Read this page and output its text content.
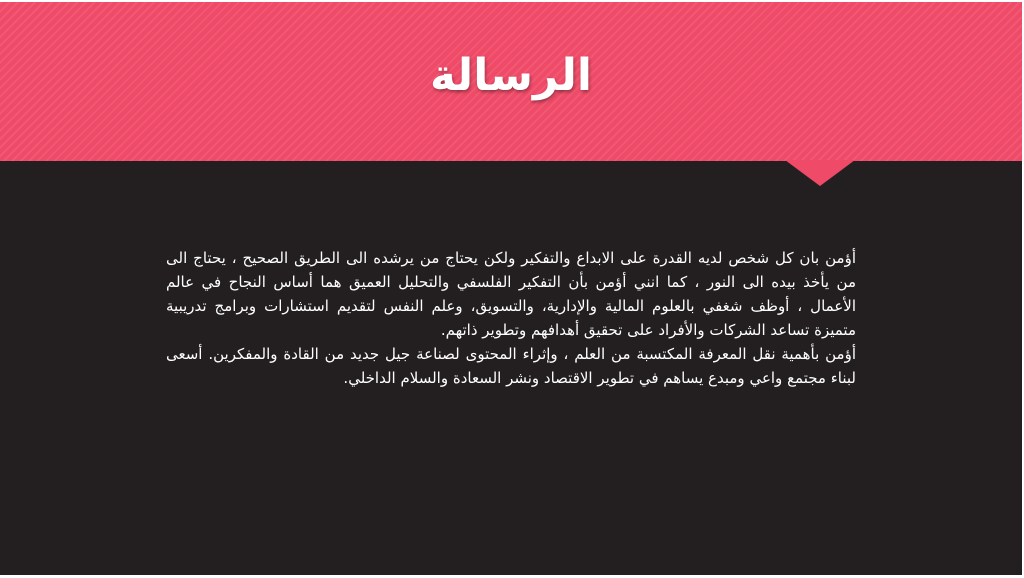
الرسالة

أؤمن بان كل شخص لديه القدرة على الابداع والتفكير ولكن يحتاج من يرشده الى الطريق الصحيح ، يحتاج الى من يأخذ بيده الى النور ، كما انني أؤمن بأن التفكير الفلسفي والتحليل العميق هما أساس النجاح في عالم الأعمال ، أوظف شغفي بالعلوم المالية والإدارية، والتسويق، وعلم النفس لتقديم استشارات وبرامج تدريبية متميزة تساعد الشركات والأفراد على تحقيق أهدافهم وتطوير ذاتهم.

أؤمن بأهمية نقل المعرفة المكتسبة من العلم ، وإثراء المحتوى لصناعة جيل جديد من القادة والمفكرين. أسعى لبناء مجتمع واعي ومبدع يساهم في تطوير الاقتصاد ونشر السعادة والسلام الداخلي.
